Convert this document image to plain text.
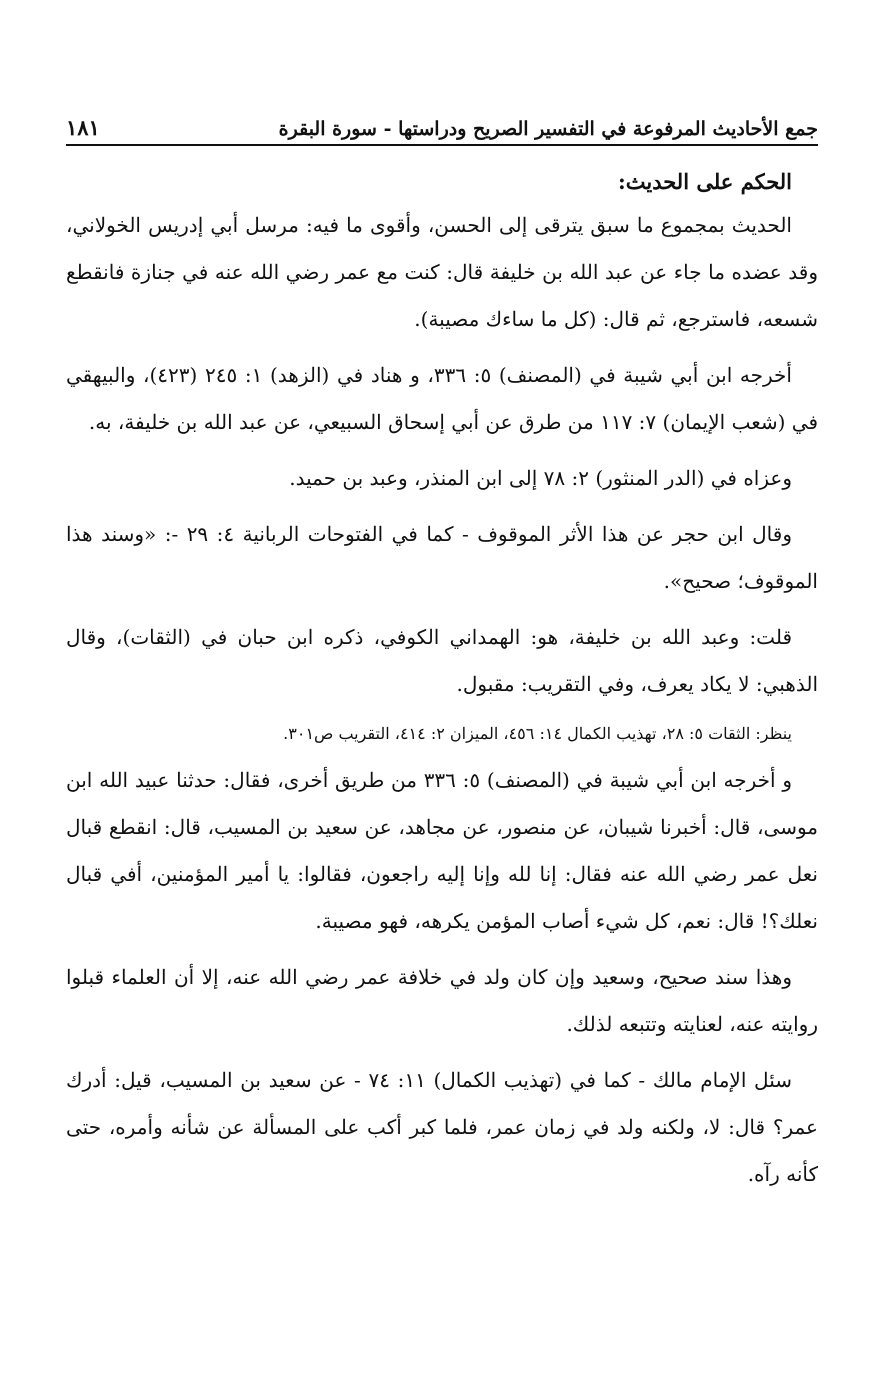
جمع الأحاديث المرفوعة في التفسير الصريح ودراستها - سورة البقرة
١٨١
الحكم على الحديث:

الحديث بمجموع ما سبق يترقى إلى الحسن، وأقوى ما فيه: مرسل أبي إدريس الخولاني، وقد عضده ما جاء عن عبد الله بن خليفة قال: كنت مع عمر رضي الله عنه في جنازة فانقطع شسعه، فاسترجع، ثم قال: (كل ما ساءك مصيبة).

أخرجه ابن أبي شيبة في (المصنف) ٥: ٣٣٦، و هناد في (الزهد) ١: ٢٤٥ (٤٢٣)، والبيهقي في (شعب الإيمان) ٧: ١١٧ من طرق عن أبي إسحاق السبيعي، عن عبد الله بن خليفة، به.

وعزاه في (الدر المنثور) ٢: ٧٨ إلى ابن المنذر، وعبد بن حميد.

وقال ابن حجر عن هذا الأثر الموقوف - كما في الفتوحات الربانية ٤: ٢٩ -: «وسند هذا الموقوف؛ صحيح».

قلت: وعبد الله بن خليفة، هو: الهمداني الكوفي، ذكره ابن حبان في (الثقات)، وقال الذهبي: لا يكاد يعرف، وفي التقريب: مقبول.

ينظر: الثقات ٥: ٢٨، تهذيب الكمال ١٤: ٤٥٦، الميزان ٢: ٤١٤، التقريب ص٣٠١.

و أخرجه ابن أبي شيبة في (المصنف) ٥: ٣٣٦ من طريق أخرى، فقال: حدثنا عبيد الله ابن موسى، قال: أخبرنا شيبان، عن منصور، عن مجاهد، عن سعيد بن المسيب، قال: انقطع قبال نعل عمر رضي الله عنه فقال: إنا لله وإنا إليه راجعون، فقالوا: يا أمير المؤمنين، أفي قبال نعلك؟! قال: نعم، كل شيء أصاب المؤمن يكرهه، فهو مصيبة.

وهذا سند صحيح، وسعيد وإن كان ولد في خلافة عمر رضي الله عنه، إلا أن العلماء قبلوا روايته عنه، لعنايته وتتبعه لذلك.

سئل الإمام مالك - كما في (تهذيب الكمال) ١١: ٧٤ - عن سعيد بن المسيب، قيل: أدرك عمر؟ قال: لا، ولكنه ولد في زمان عمر، فلما كبر أكب على المسألة عن شأنه وأمره، حتى كأنه رآه.
